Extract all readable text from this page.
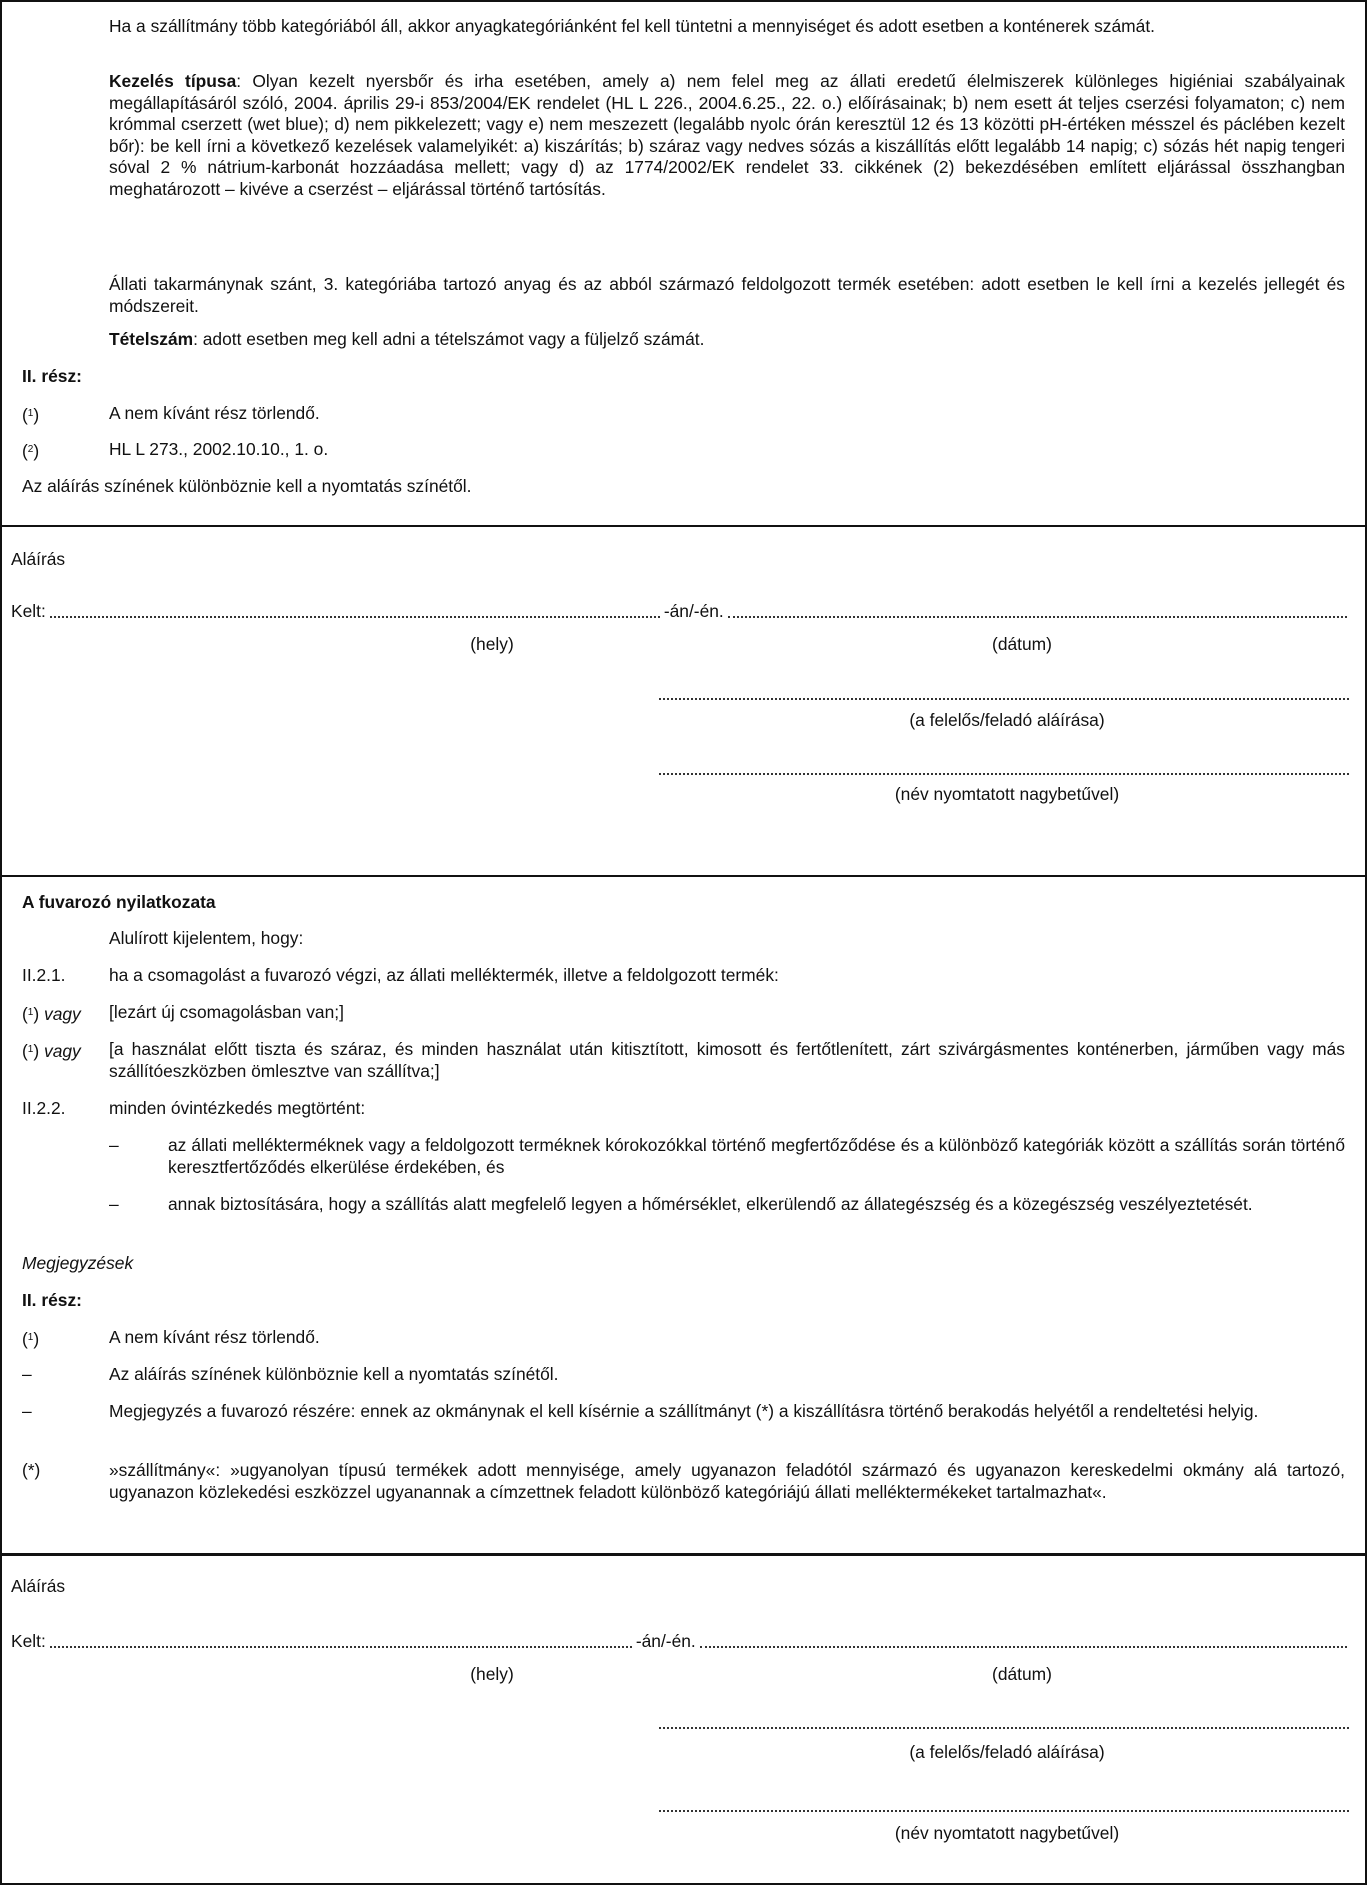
Ha a szállítmány több kategóriából áll, akkor anyagkategóriánként fel kell tüntetni a mennyiséget és adott esetben a konténerek számát.
Kezelés típusa: Olyan kezelt nyersbőr és irha esetében, amely a) nem felel meg az állati eredetű élelmiszerek különleges higiéniai szabályainak megállapításáról szóló, 2004. április 29-i 853/2004/EK rendelet (HL L 226., 2004.6.25., 22. o.) előírásainak; b) nem esett át teljes cserzési folyamaton; c) nem krómmal cserzett (wet blue); d) nem pikkelezett; vagy e) nem meszezett (legalább nyolc órán keresztül 12 és 13 közötti pH-értéken mésszel és páclében kezelt bőr): be kell írni a következő kezelések valamelyikét: a) kiszárítás; b) száraz vagy nedves sózás a kiszállítás előtt legalább 14 napig; c) sózás hét napig tengeri sóval 2 % nátrium-karbonát hozzáadása mellett; vagy d) az 1774/2002/EK rendelet 33. cikkének (2) bekezdésében említett eljárással összhangban meghatározott – kivéve a cserzést – eljárással történő tartósítás.
Állati takarmánynak szánt, 3. kategóriába tartozó anyag és az abból származó feldolgozott termék esetében: adott esetben le kell írni a kezelés jellegét és módszereit.
Tételszám: adott esetben meg kell adni a tételszámot vagy a füljelző számát.
II. rész:
($^1$)	A nem kívánt rész törlendő.
($^2$)	HL L 273., 2002.10.10., 1. o.
Az aláírás színének különböznie kell a nyomtatás színétől.
Aláírás
Kelt:	-án/-én.
(hely)	(dátum)
(a felelős/feladó aláírása)
(név nyomtatott nagybetűvel)
A fuvarozó nyilatkozata
Alulírott kijelentem, hogy:
II.2.1.	ha a csomagolást a fuvarozó végzi, az állati melléktermék, illetve a feldolgozott termék:
($^1$) vagy	[lezárt új csomagolásban van;]
($^1$) vagy	[a használat előtt tiszta és száraz, és minden használat után kitisztított, kimosott és fertőtlenített, zárt szivárgásmentes konténerben, járműben vagy más szállítóeszközben ömlesztve van szállítva;]
II.2.2.	minden óvintézkedés megtörtént:
–	az állati mellékterméknek vagy a feldolgozott terméknek kórokozókkal történő megfertőződése és a különböző kategóriák között a szállítás során történő keresztfertőződés elkerülése érdekében, és
–	annak biztosítására, hogy a szállítás alatt megfelelő legyen a hőmérséklet, elkerülendő az állategészség és a közegészség veszélyeztetését.
Megjegyzések
II. rész:
($^1$)	A nem kívánt rész törlendő.
–	Az aláírás színének különböznie kell a nyomtatás színétől.
–	Megjegyzés a fuvarozó részére: ennek az okmánynak el kell kísérnie a szállítmányt (*) a kiszállításra történő berakodás helyétől a rendeltetési helyig.
(*)	»szállítmány«: »ugyanolyan típusú termékek adott mennyisége, amely ugyanazon feladótól származó és ugyanazon kereskedelmi okmány alá tartozó, ugyanazon közlekedési eszközzel ugyanannak a címzettnek feladott különböző kategóriájú állati melléktermékeket tartalmazhat«.
Aláírás
Kelt:	-án/-én.
(hely)	(dátum)
(a felelős/feladó aláírása)
(név nyomtatott nagybetűvel)
